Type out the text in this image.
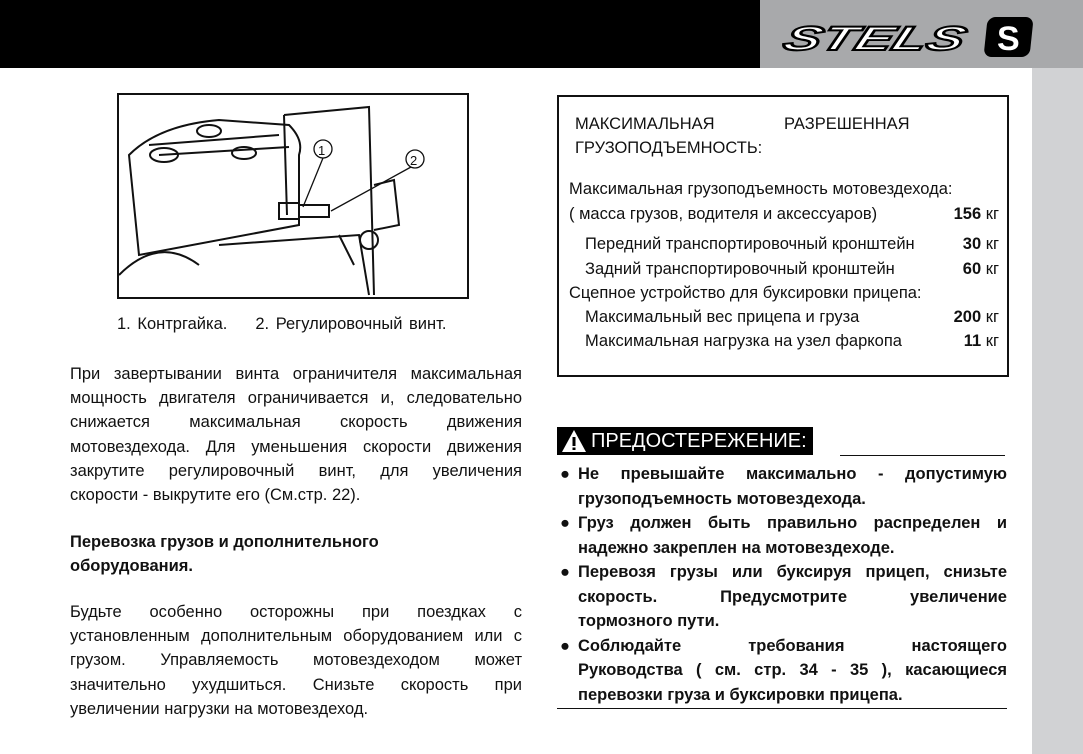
STELS	S
1
2
1. Контргайка. 2. Регулировочный винт.
При завертывании винта ограничителя максимальная
мощность двигателя ограничивается и, следовательно
снижается максимальная скорость движения
мотовездехода. Для уменьшения скорости движения
закрутите регулировочный винт, для увеличения
скорости - выкрутите его (См.стр. 22).
Перевозка грузов и дополнительного
оборудования.
Будьте особенно осторожны при поездках с
установленным дополнительным оборудованием или с
грузом. Управляемость мотовездеходом может
значительно ухудшиться. Снизьте скорость при
увеличении нагрузки на мотовездеход.
МАКСИМАЛЬНАЯ	РАЗРЕШЕННАЯ
ГРУЗОПОДЪЕМНОСТЬ:
Максимальная грузоподъемность мотовездехода:
( масса грузов, водителя и аксессуаров)	156 кг
Передний транспортировочный кронштейн	30 кг
Задний транспортировочный кронштейн	60 кг
Сцепное устройство для буксировки прицепа:
Максимальный вес прицепа и груза	200 кг
Максимальная нагрузка на узел фаркопа	11 кг
ПРЕДОСТЕРЕЖЕНИЕ:
● Не превышайте максимально - допустимую
грузоподъемность мотовездехода.
● Груз должен быть правильно распределен и
надежно закреплен на мотовездеходе.
● Перевозя грузы или буксируя прицеп, снизьте
скорость. Предусмотрите увеличение
тормозного пути.
● Соблюдайте требования настоящего
Руководства ( см. стр. 34 - 35 ), касающиеся
перевозки груза и буксировки прицепа.
